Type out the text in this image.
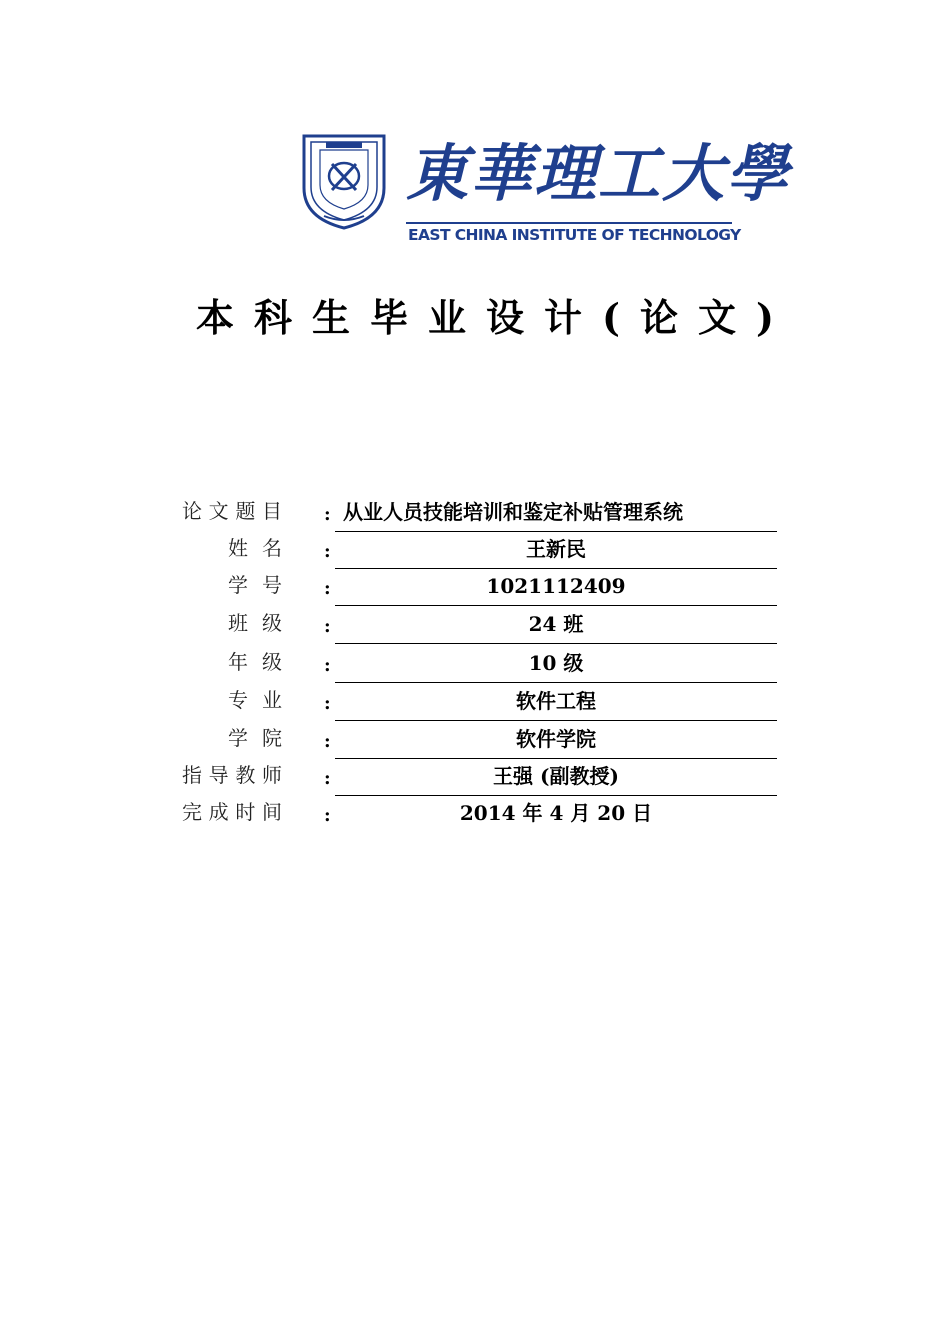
東華理工大學
EAST CHINA INSTITUTE OF TECHNOLOGY
本科生毕业设计(论文)
论文题目 : 从业人员技能培训和鉴定补贴管理系统
姓名 :	王新民
学号 :	1021112409
班级 :	24 班
年级 :	10 级
专业 :	软件工程
学院 :	软件学院
指导教师 :	王强 (副教授)
完成时间 :	2014 年 4 月 20 日
